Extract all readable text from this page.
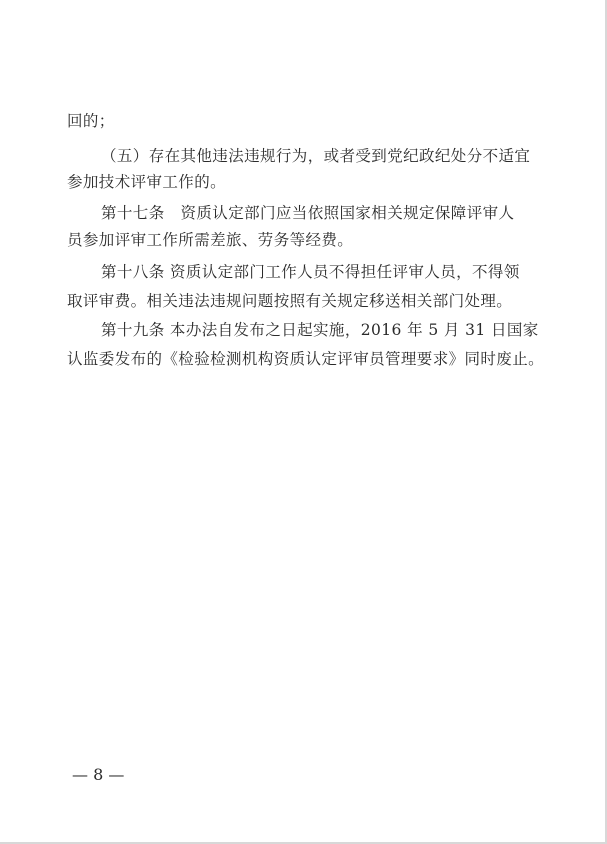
回的；
（五）存在其他违法违规行为，或者受到党纪政纪处分不适宜
参加技术评审工作的。
第十七条　资质认定部门应当依照国家相关规定保障评审人
员参加评审工作所需差旅、劳务等经费。
第十八条 资质认定部门工作人员不得担任评审人员，不得领
取评审费。相关违法违规问题按照有关规定移送相关部门处理。
第十九条 本办法自发布之日起实施，2016 年 5 月 31 日国家
认监委发布的《检验检测机构资质认定评审员管理要求》同时废止。
— 8 —
